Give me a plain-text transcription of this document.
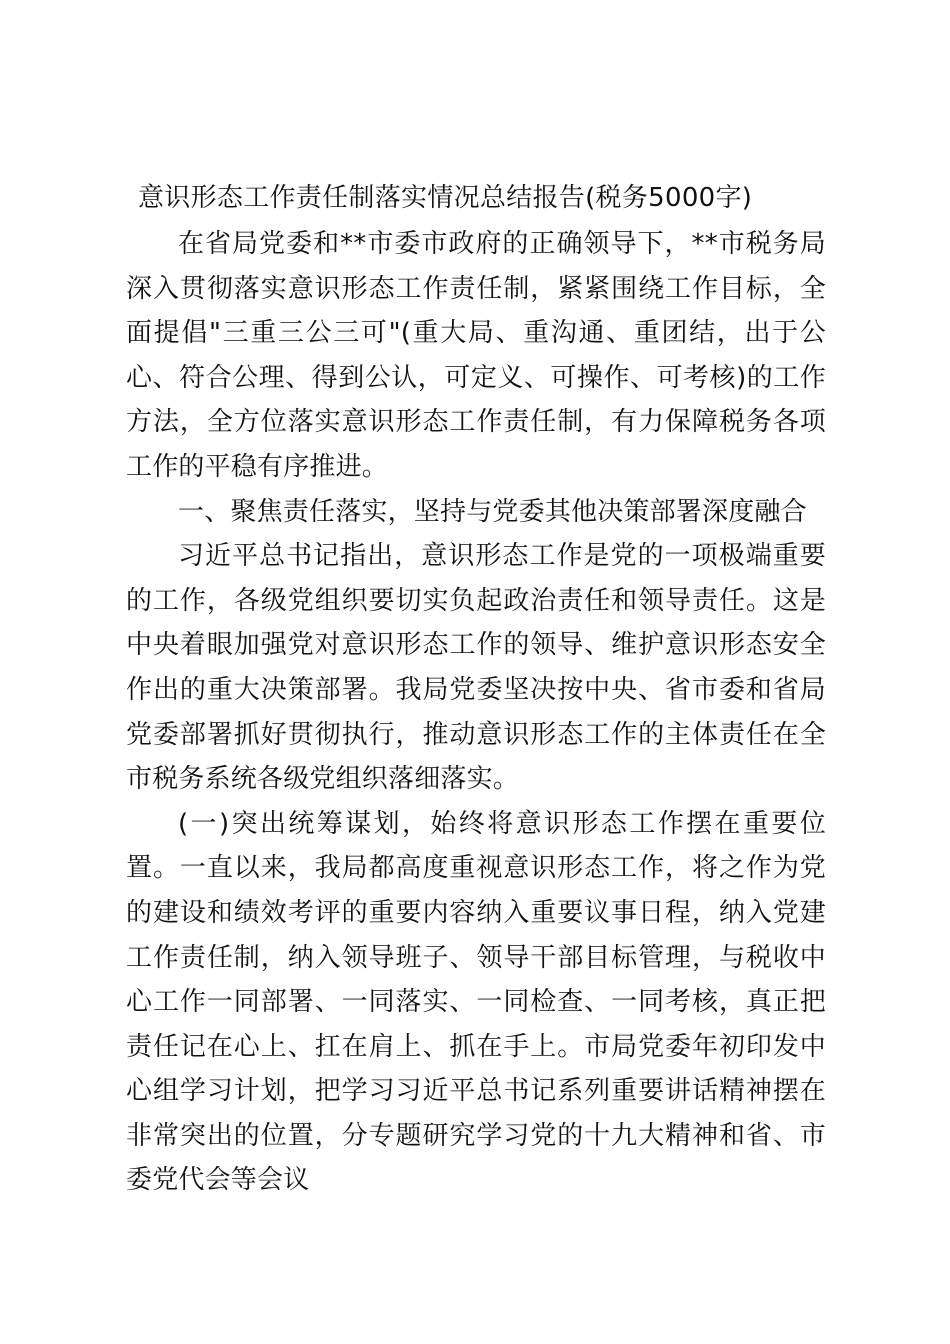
意识形态工作责任制落实情况总结报告(税务5000字)

在省局党委和**市委市政府的正确领导下，**市税务局深入贯彻落实意识形态工作责任制，紧紧围绕工作目标，全面提倡"三重三公三可"(重大局、重沟通、重团结，出于公心、符合公理、得到公认，可定义、可操作、可考核)的工作方法，全方位落实意识形态工作责任制，有力保障税务各项工作的平稳有序推进。

一、聚焦责任落实，坚持与党委其他决策部署深度融合

习近平总书记指出，意识形态工作是党的一项极端重要的工作，各级党组织要切实负起政治责任和领导责任。这是中央着眼加强党对意识形态工作的领导、维护意识形态安全作出的重大决策部署。我局党委坚决按中央、省市委和省局党委部署抓好贯彻执行，推动意识形态工作的主体责任在全市税务系统各级党组织落细落实。

(一)突出统筹谋划，始终将意识形态工作摆在重要位置。一直以来，我局都高度重视意识形态工作，将之作为党的建设和绩效考评的重要内容纳入重要议事日程，纳入党建工作责任制，纳入领导班子、领导干部目标管理，与税收中心工作一同部署、一同落实、一同检查、一同考核，真正把责任记在心上、扛在肩上、抓在手上。市局党委年初印发中心组学习计划，把学习习近平总书记系列重要讲话精神摆在非常突出的位置，分专题研究学习党的十九大精神和省、市委党代会等会议
